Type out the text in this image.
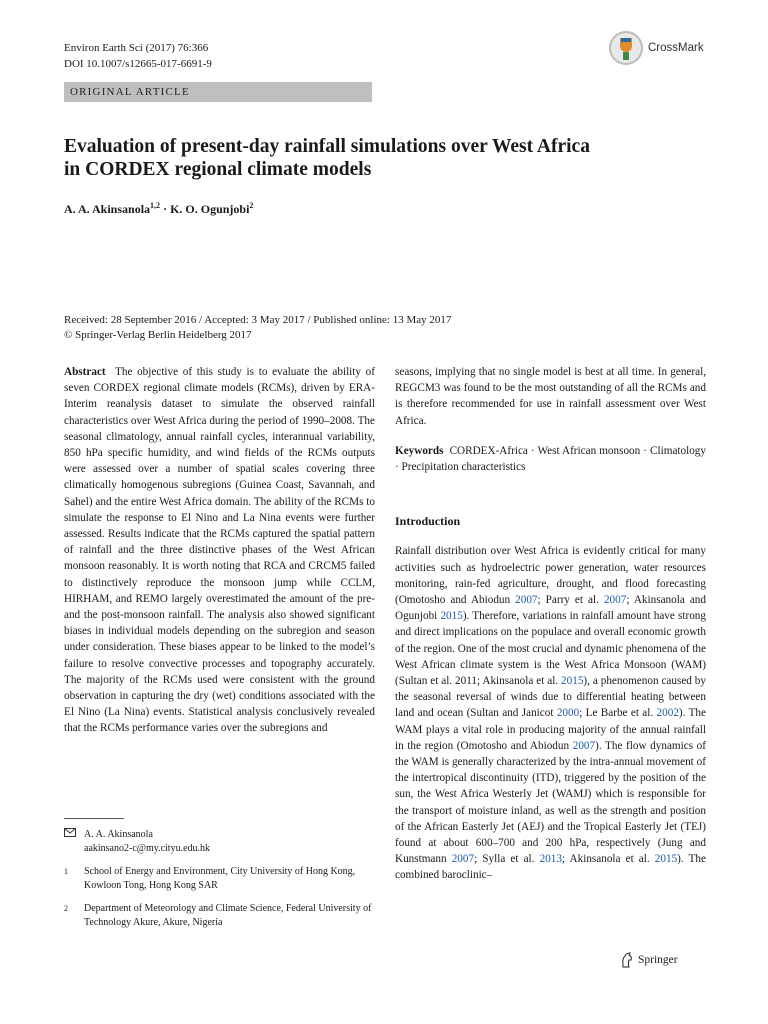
Environ Earth Sci (2017) 76:366
DOI 10.1007/s12665-017-6691-9
CrossMark
ORIGINAL ARTICLE
Evaluation of present-day rainfall simulations over West Africa
in CORDEX regional climate models
A. A. Akinsanola$^{1,2}$ · K. O. Ogunjobi$^2$
Received: 28 September 2016 / Accepted: 3 May 2017 / Published online: 13 May 2017
© Springer-Verlag Berlin Heidelberg 2017

Abstract The objective of this study is to evaluate the ability of seven CORDEX regional climate models (RCMs), driven by ERA-Interim reanalysis dataset to simulate the observed rainfall characteristics over West Africa during the period of 1990–2008. The seasonal climatology, annual rainfall cycles, interannual variability, 850 hPa specific humidity, and wind fields of the RCMs outputs were assessed over a number of spatial scales covering three climatically homogenous subregions (Guinea Coast, Savannah, and Sahel) and the entire West Africa domain. The ability of the RCMs to simulate the response to El Nino and La Nina events were further assessed. Results indicate that the RCMs captured the spatial pattern of rainfall and the three distinctive phases of the West African monsoon reasonably. It is worth noting that RCA and CRCM5 failed to distinctively reproduce the monsoon jump while CCLM, HIRHAM, and REMO largely overestimated the amount of the pre- and the post-monsoon rainfall. The analysis also showed significant biases in individual models depending on the subregion and season under consideration. These biases appear to be linked to the model’s failure to resolve convective processes and topography accurately. The majority of the RCMs used were consistent with the ground observation in capturing the dry (wet) conditions associated with the El Nino (La Nina) events. Statistical analysis conclusively revealed that the RCMs performance varies over the subregions and

seasons, implying that no single model is best at all time. In general, REGCM3 was found to be the most outstanding of all the RCMs and is therefore recommended for use in rainfall assessment over West Africa.

Keywords CORDEX-Africa · West African monsoon · Climatology · Precipitation characteristics

Introduction

Rainfall distribution over West Africa is evidently critical for many activities such as hydroelectric power generation, water resources monitoring, rain-fed agriculture, drought, and flood forecasting (Omotosho and Abiodun 2007; Parry et al. 2007; Akinsanola and Ogunjobi 2015). Therefore, variations in rainfall amount have strong and direct implications on the populace and overall economic growth of the region. One of the most crucial and dynamic phenomena of the West African climate system is the West Africa Monsoon (WAM) (Sultan et al. 2011; Akinsanola et al. 2015), a phenomenon caused by the seasonal reversal of winds due to differential heating between land and ocean (Sultan and Janicot 2000; Le Barbe et al. 2002). The WAM plays a vital role in producing majority of the annual rainfall in the region (Omotosho and Abiodun 2007). The flow dynamics of the WAM is generally characterized by the intra-annual movement of the intertropical discontinuity (ITD), triggered by the position of the sun, the West Africa Westerly Jet (WAMJ) which is responsible for the transport of moisture inland, as well as the strength and position of the African Easterly Jet (AEJ) and the Tropical Easterly Jet (TEJ) found at about 600–700 and 200 hPa, respectively (Jung and Kunstmann 2007; Sylla et al. 2013; Akinsanola et al. 2015). The combined baroclinic–

A. A. Akinsanola
aakinsano2-c@my.cityu.edu.hk
1	School of Energy and Environment, City University of Hong Kong, Kowloon Tong, Hong Kong SAR
2	Department of Meteorology and Climate Science, Federal University of Technology Akure, Akure, Nigeria
Springer
